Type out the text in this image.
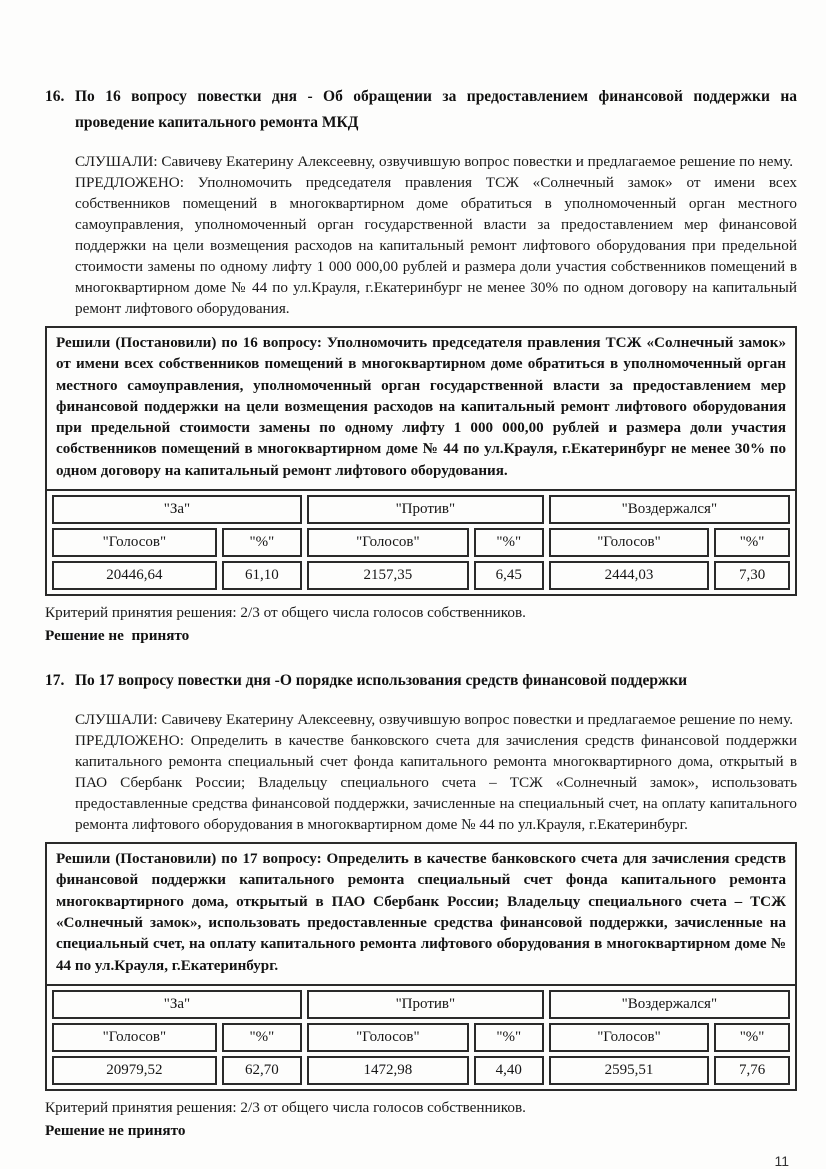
16. По 16 вопросу повестки дня - Об обращении за предоставлением финансовой поддержки на проведение капитального ремонта МКД

СЛУШАЛИ: Савичеву Екатерину Алексеевну, озвучившую вопрос повестки и предлагаемое решение по нему.

ПРЕДЛОЖЕНО: Уполномочить председателя правления ТСЖ «Солнечный замок» от имени всех собственников помещений в многоквартирном доме обратиться в уполномоченный орган местного самоуправления, уполномоченный орган государственной власти за предоставлением мер финансовой поддержки на цели возмещения расходов на капитальный ремонт лифтового оборудования при предельной стоимости замены по одному лифту 1 000 000,00 рублей и размера доли участия собственников помещений в многоквартирном доме № 44 по ул.Крауля, г.Екатеринбург не менее 30% по одном договору на капитальный ремонт лифтового оборудования.

Решили (Постановили) по 16 вопросу: Уполномочить председателя правления ТСЖ «Солнечный замок» от имени всех собственников помещений в многоквартирном доме обратиться в уполномоченный орган местного самоуправления, уполномоченный орган государственной власти за предоставлением мер финансовой поддержки на цели возмещения расходов на капитальный ремонт лифтового оборудования при предельной стоимости замены по одному лифту 1 000 000,00 рублей и размера доли участия собственников помещений в многоквартирном доме № 44 по ул.Крауля, г.Екатеринбург не менее 30% по одном договору на капитальный ремонт лифтового оборудования.
"За"		"Против"		"Воздержался"	
"Голосов"	"%"	"Голосов"	"%"	"Голосов"	"%"
20446,64	61,10	2157,35	6,45	2444,03	7,30

Критерий принятия решения: 2/3 от общего числа голосов собственников.

Решение не  принято

17. По 17 вопросу повестки дня -О порядке использования средств финансовой поддержки

СЛУШАЛИ: Савичеву Екатерину Алексеевну, озвучившую вопрос повестки и предлагаемое решение по нему.

ПРЕДЛОЖЕНО: Определить в качестве банковского счета для зачисления средств финансовой поддержки капитального ремонта специальный счет фонда капитального ремонта многоквартирного дома, открытый в ПАО Сбербанк России; Владельцу специального счета – ТСЖ «Солнечный замок», использовать предоставленные средства финансовой поддержки, зачисленные на специальный счет, на оплату капитального ремонта лифтового оборудования в многоквартирном доме № 44 по ул.Крауля, г.Екатеринбург.

Решили (Постановили) по 17 вопросу: Определить в качестве банковского счета для зачисления средств финансовой поддержки капитального ремонта специальный счет фонда капитального ремонта многоквартирного дома, открытый в ПАО Сбербанк России; Владельцу специального счета – ТСЖ «Солнечный замок», использовать предоставленные средства финансовой поддержки, зачисленные на специальный счет, на оплату капитального ремонта лифтового оборудования в многоквартирном доме № 44 по ул.Крауля, г.Екатеринбург.
"За"		"Против"		"Воздержался"	
"Голосов"	"%"	"Голосов"	"%"	"Голосов"	"%"
20979,52	62,70	1472,98	4,40	2595,51	7,76

Критерий принятия решения: 2/3 от общего числа голосов собственников.

Решение не принято

11
